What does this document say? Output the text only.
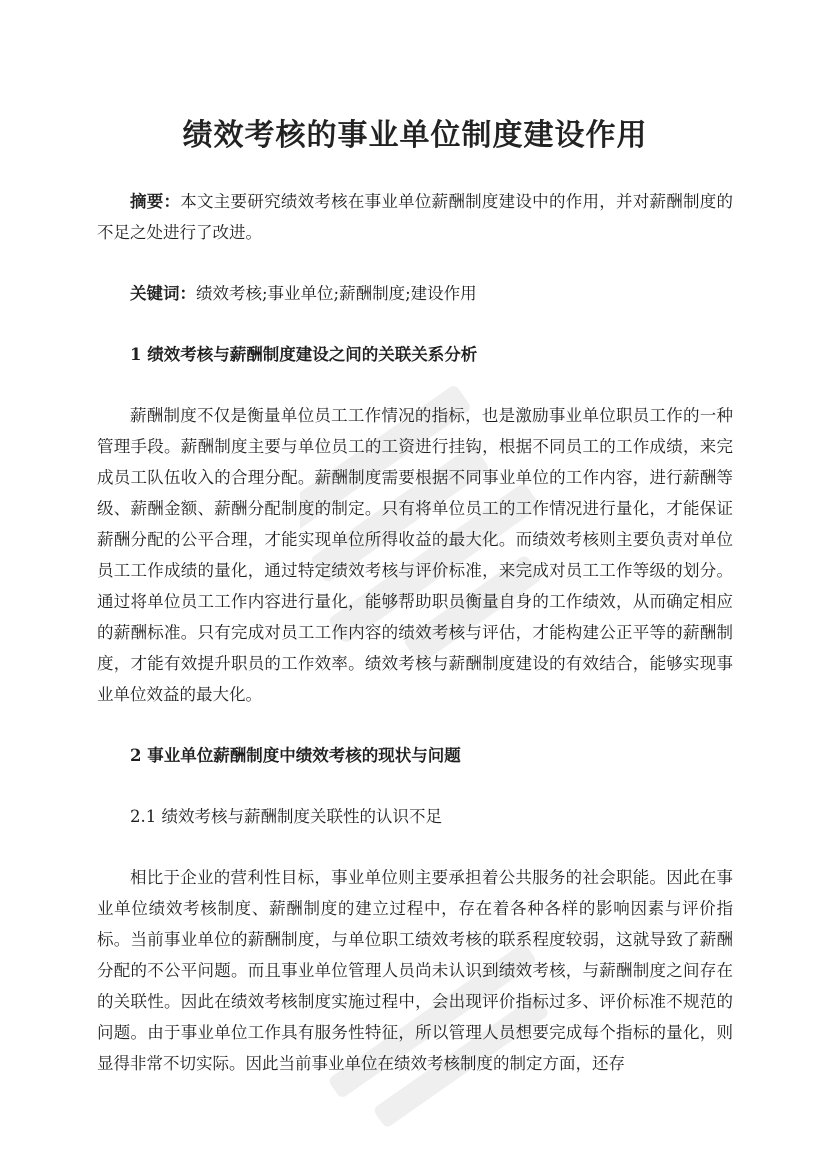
绩效考核的事业单位制度建设作用

摘要：本文主要研究绩效考核在事业单位薪酬制度建设中的作用，并对薪酬制度的不足之处进行了改进。

关键词：绩效考核;事业单位;薪酬制度;建设作用

1 绩效考核与薪酬制度建设之间的关联关系分析

薪酬制度不仅是衡量单位员工工作情况的指标，也是激励事业单位职员工作的一种管理手段。薪酬制度主要与单位员工的工资进行挂钩，根据不同员工的工作成绩，来完成员工队伍收入的合理分配。薪酬制度需要根据不同事业单位的工作内容，进行薪酬等级、薪酬金额、薪酬分配制度的制定。只有将单位员工的工作情况进行量化，才能保证薪酬分配的公平合理，才能实现单位所得收益的最大化。而绩效考核则主要负责对单位员工工作成绩的量化，通过特定绩效考核与评价标准，来完成对员工工作等级的划分。通过将单位员工工作内容进行量化，能够帮助职员衡量自身的工作绩效，从而确定相应的薪酬标准。只有完成对员工工作内容的绩效考核与评估，才能构建公正平等的薪酬制度，才能有效提升职员的工作效率。绩效考核与薪酬制度建设的有效结合，能够实现事业单位效益的最大化。

2 事业单位薪酬制度中绩效考核的现状与问题

2.1 绩效考核与薪酬制度关联性的认识不足

相比于企业的营利性目标，事业单位则主要承担着公共服务的社会职能。因此在事业单位绩效考核制度、薪酬制度的建立过程中，存在着各种各样的影响因素与评价指标。当前事业单位的薪酬制度，与单位职工绩效考核的联系程度较弱，这就导致了薪酬分配的不公平问题。而且事业单位管理人员尚未认识到绩效考核，与薪酬制度之间存在的关联性。因此在绩效考核制度实施过程中，会出现评价指标过多、评价标准不规范的问题。由于事业单位工作具有服务性特征，所以管理人员想要完成每个指标的量化，则显得非常不切实际。因此当前事业单位在绩效考核制度的制定方面，还存
